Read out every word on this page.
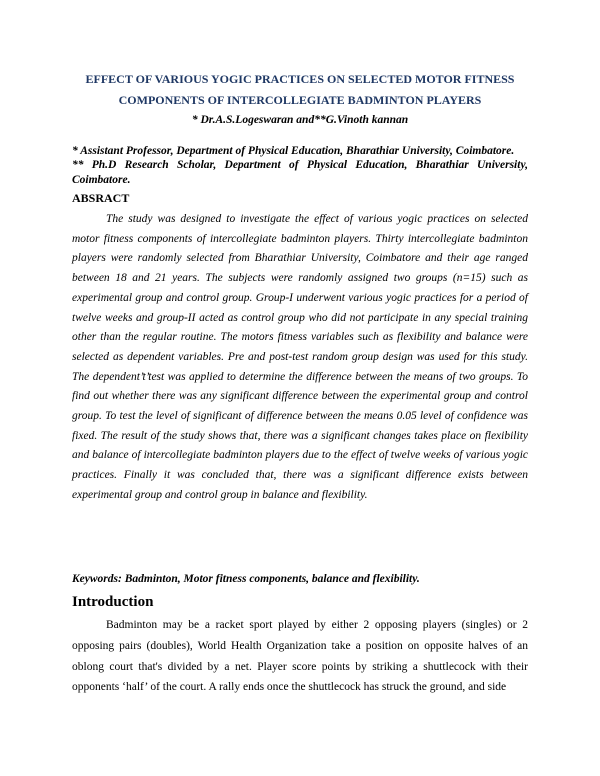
EFFECT OF VARIOUS YOGIC PRACTICES ON SELECTED MOTOR FITNESS
COMPONENTS OF INTERCOLLEGIATE BADMINTON PLAYERS
* Dr.A.S.Logeswaran and**G.Vinoth kannan
* Assistant Professor, Department of Physical Education, Bharathiar University, Coimbatore.
** Ph.D Research Scholar, Department of Physical Education, Bharathiar University, Coimbatore.
ABSRACT

The study was designed to investigate the effect of various yogic practices on selected motor fitness components of intercollegiate badminton players. Thirty intercollegiate badminton players were randomly selected from Bharathiar University, Coimbatore and their age ranged between 18 and 21 years. The subjects were randomly assigned two groups (n=15) such as experimental group and control group. Group-I underwent various yogic practices for a period of twelve weeks and group-II acted as control group who did not participate in any special training other than the regular routine. The motors fitness variables such as flexibility and balance were selected as dependent variables. Pre and post-test random group design was used for this study. The dependent’t’test was applied to determine the difference between the means of two groups. To find out whether there was any significant difference between the experimental group and control group. To test the level of significant of difference between the means 0.05 level of confidence was fixed. The result of the study shows that, there was a significant changes takes place on flexibility and balance of intercollegiate badminton players due to the effect of twelve weeks of various yogic practices. Finally it was concluded that, there was a significant difference exists between experimental group and control group in balance and flexibility.

Keywords: Badminton, Motor fitness components, balance and flexibility.
Introduction

Badminton may be a racket sport played by either 2 opposing players (singles) or 2 opposing pairs (doubles), World Health Organization take a position on opposite halves of an oblong court that's divided by a net. Player score points by striking a shuttlecock with their opponents ‘half’ of the court. A rally ends once the shuttlecock has struck the ground, and side
